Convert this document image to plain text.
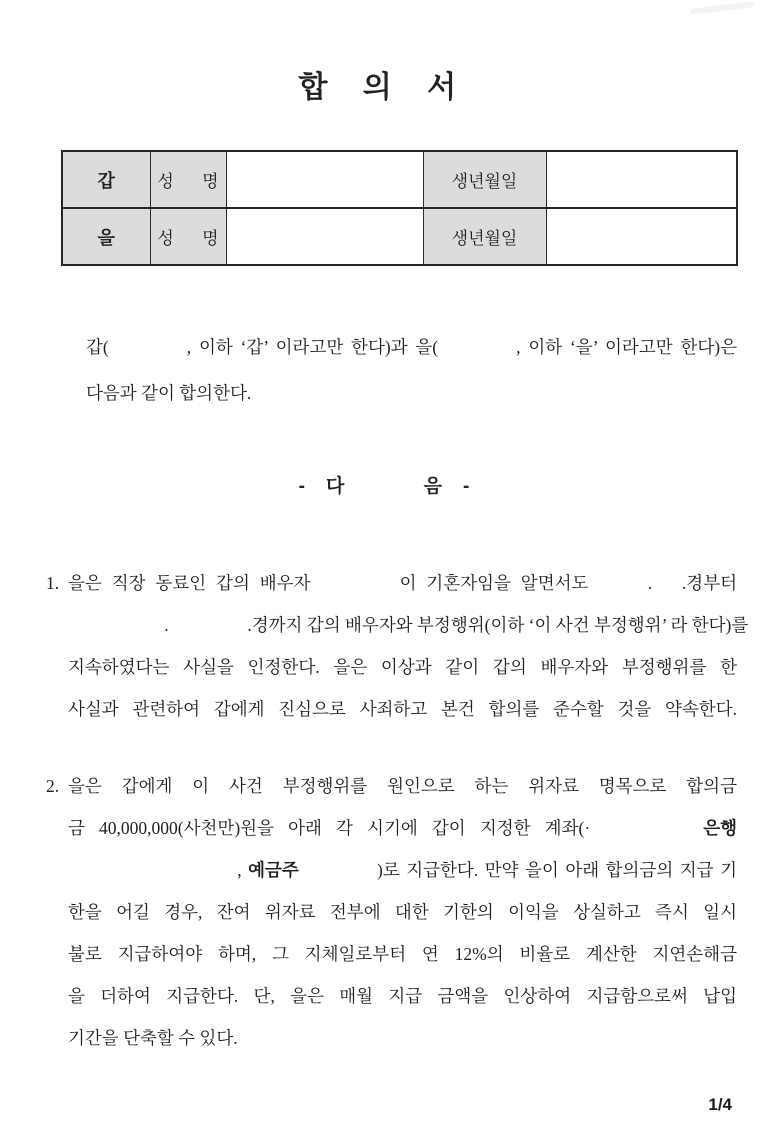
합 의 서
갑	성      명		생년월일	
을	성      명		생년월일	
갑(          , 이하 ‘갑’ 이라고만 한다)과 을(          , 이하 ‘을’ 이라고만 한다)은
다음과 같이 합의한다.
-    다               음    -
1. 을은 직장 동료인 갑의 배우자         이 기혼자임을 알면서도      .   .경부터
.                  .경까지 갑의 배우자와 부정행위(이하 ‘이 사건 부정행위’ 라 한다)를
지속하였다는 사실을 인정한다. 을은 이상과 같이 갑의 배우자와 부정행위를 한
사실과 관련하여 갑에게 진심으로 사죄하고 본건 합의를 준수할 것을 약속한다.
2. 을은 갑에게 이 사건 부정행위를 원인으로 하는 위자료 명목으로 합의금
금 40,000,000(사천만)원을 아래 각 시기에 갑이 지정한 계좌(·        은행
, 예금주            )로 지급한다. 만약 을이 아래 합의금의 지급 기
한을 어길 경우, 잔여 위자료 전부에 대한 기한의 이익을 상실하고 즉시 일시
불로 지급하여야 하며, 그 지체일로부터 연 12%의 비율로 계산한 지연손해금
을 더하여 지급한다. 단, 을은 매월 지급 금액을 인상하여 지급함으로써 납입
기간을 단축할 수 있다.
1/4
